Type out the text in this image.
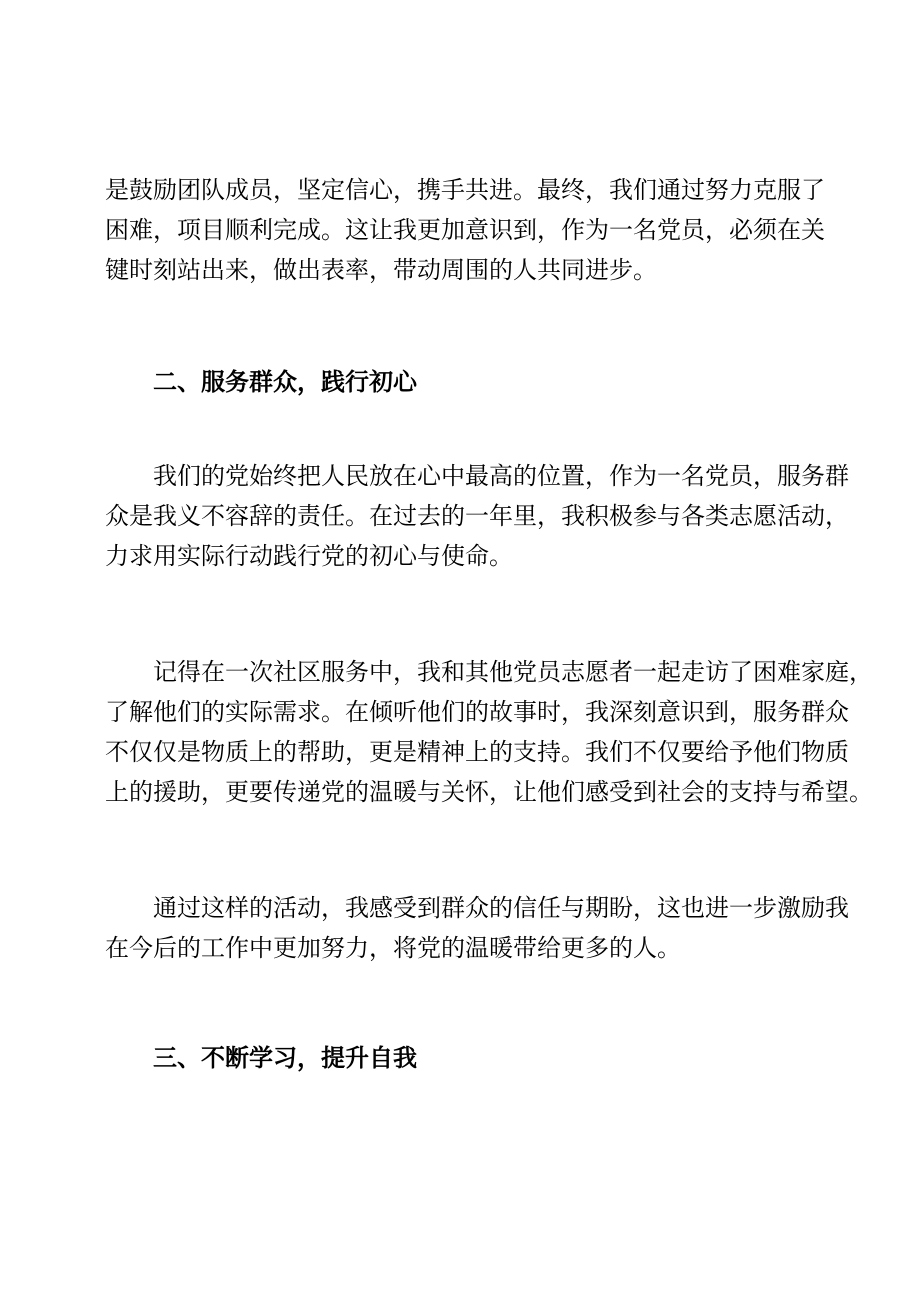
是鼓励团队成员，坚定信心，携手共进。最终，我们通过努力克服了
困难，项目顺利完成。这让我更加意识到，作为一名党员，必须在关
键时刻站出来，做出表率，带动周围的人共同进步。

二、服务群众，践行初心

我们的党始终把人民放在心中最高的位置，作为一名党员，服务群
众是我义不容辞的责任。在过去的一年里，我积极参与各类志愿活动，
力求用实际行动践行党的初心与使命。

记得在一次社区服务中，我和其他党员志愿者一起走访了困难家庭，
了解他们的实际需求。在倾听他们的故事时，我深刻意识到，服务群众
不仅仅是物质上的帮助，更是精神上的支持。我们不仅要给予他们物质
上的援助，更要传递党的温暖与关怀，让他们感受到社会的支持与希望。

通过这样的活动，我感受到群众的信任与期盼，这也进一步激励我
在今后的工作中更加努力，将党的温暖带给更多的人。

三、不断学习，提升自我
